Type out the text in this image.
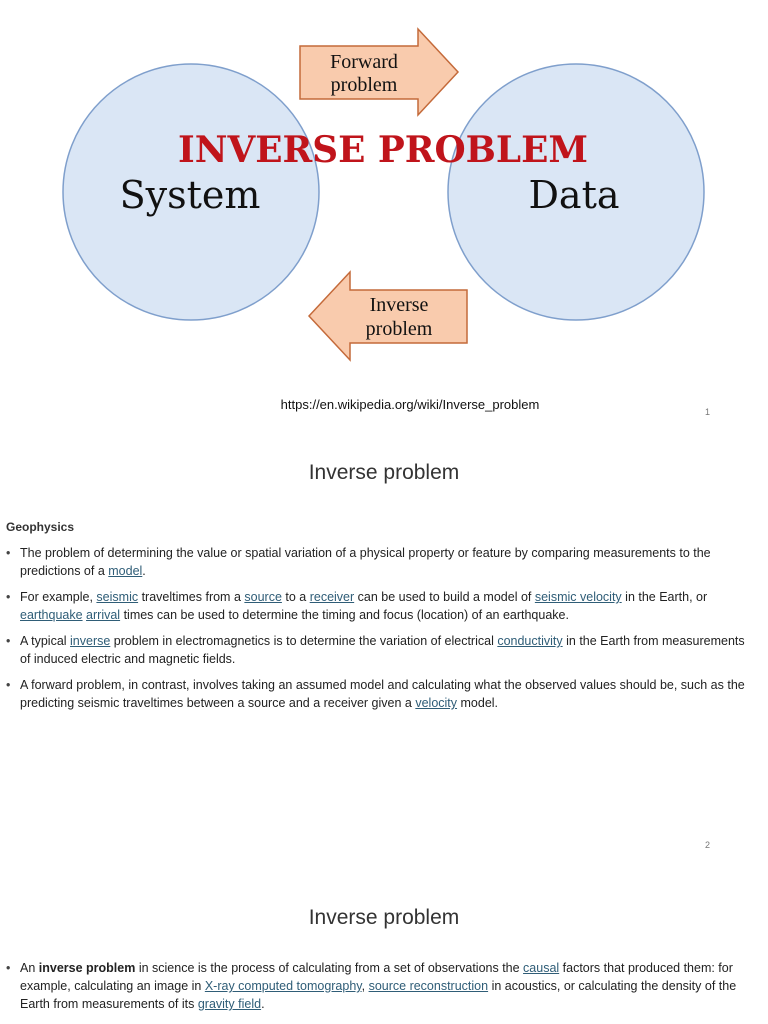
Forward
problem
Inverse
problem
System	Data
INVERSE PROBLEM
https://en.wikipedia.org/wiki/Inverse_problem	1
Inverse problem
Geophysics
• The problem of determining the value or spatial variation of a physical property or feature by comparing measurements to the predictions of a model.
• For example, seismic traveltimes from a source to a receiver can be used to build a model of seismic velocity in the Earth, or earthquake arrival times can be used to determine the timing and focus (location) of an earthquake.
• A typical inverse problem in electromagnetics is to determine the variation of electrical conductivity in the Earth from measurements of induced electric and magnetic fields.
• A forward problem, in contrast, involves taking an assumed model and calculating what the observed values should be, such as the predicting seismic traveltimes between a source and a receiver given a velocity model.
2
Inverse problem
• An inverse problem in science is the process of calculating from a set of observations the causal factors that produced them: for example, calculating an image in X-ray computed tomography, source reconstruction in acoustics, or calculating the density of the Earth from measurements of its gravity field.
